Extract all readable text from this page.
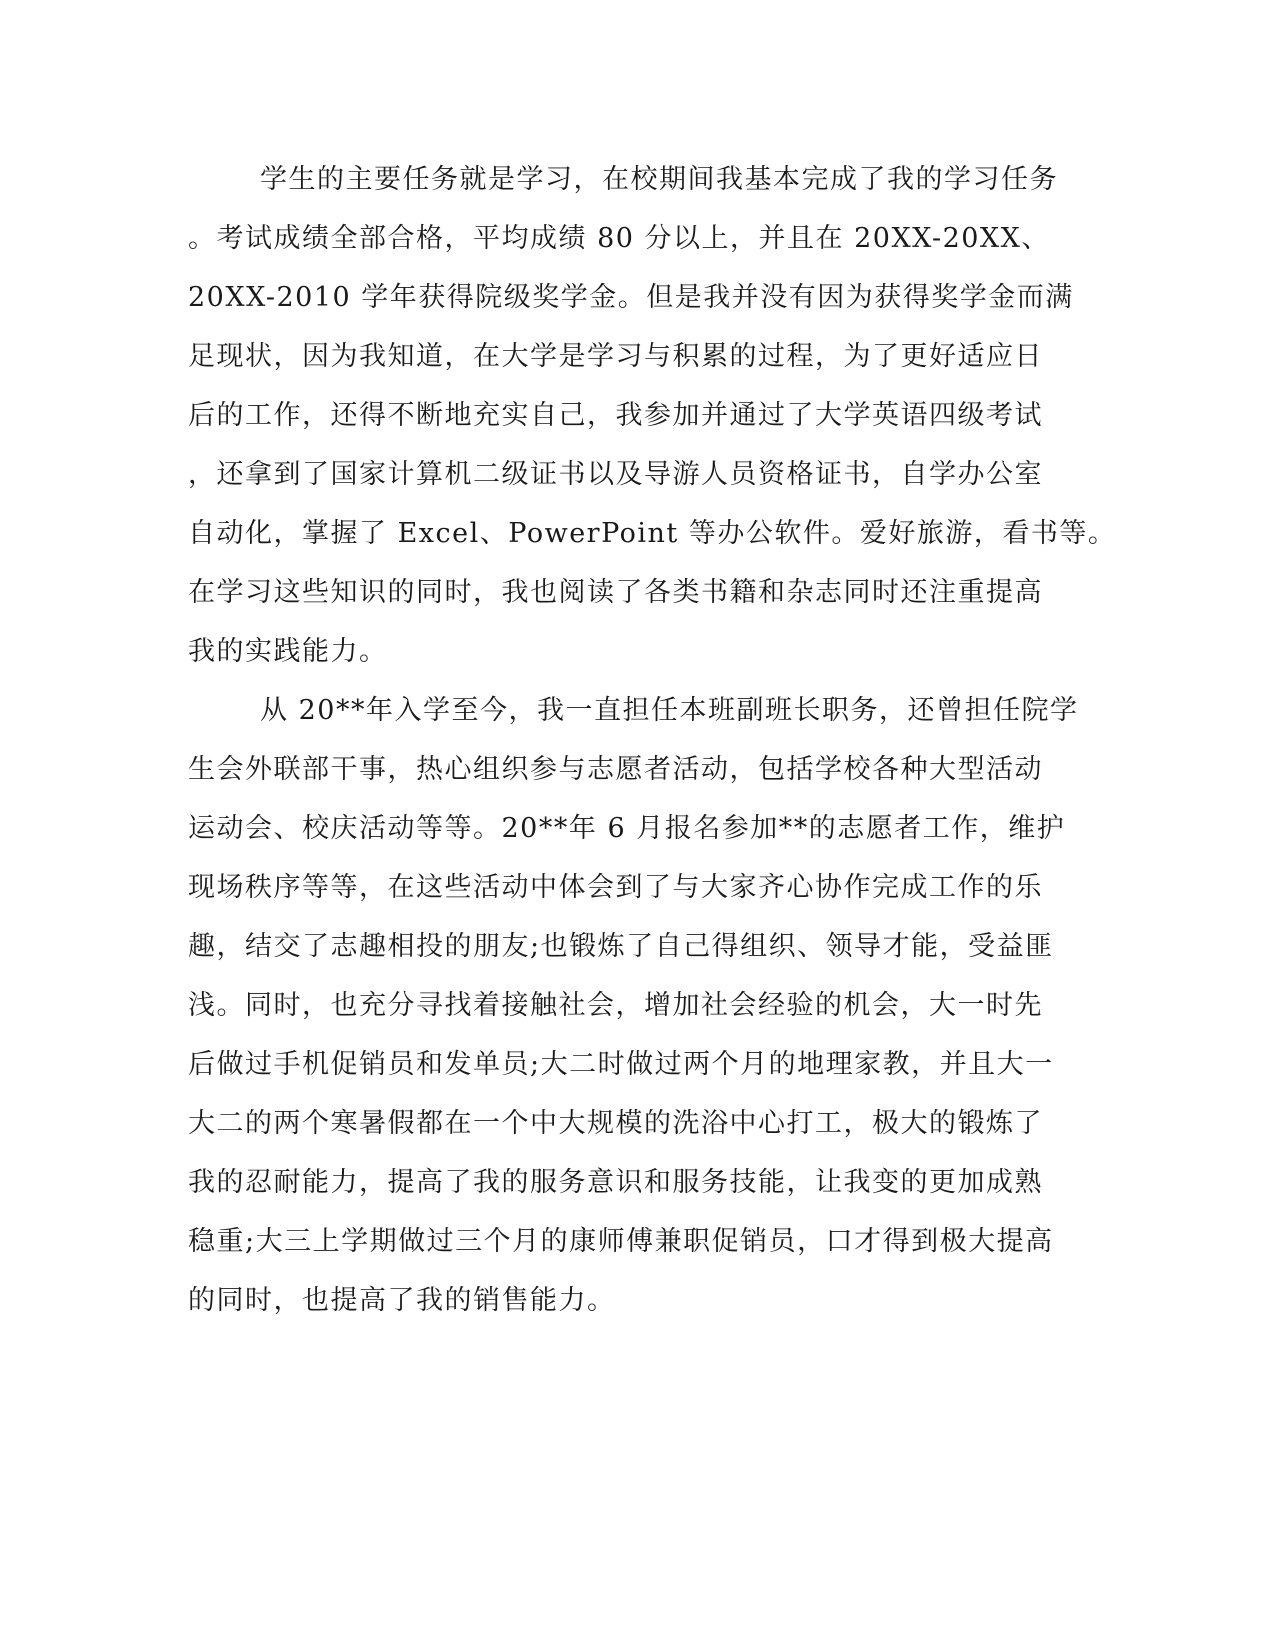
学生的主要任务就是学习，在校期间我基本完成了我的学习任务
。考试成绩全部合格，平均成绩 80 分以上，并且在 20XX-20XX、
20XX-2010 学年获得院级奖学金。但是我并没有因为获得奖学金而满
足现状，因为我知道，在大学是学习与积累的过程，为了更好适应日
后的工作，还得不断地充实自己，我参加并通过了大学英语四级考试
，还拿到了国家计算机二级证书以及导游人员资格证书，自学办公室
自动化，掌握了 Excel、PowerPoint 等办公软件。爱好旅游，看书等。
在学习这些知识的同时，我也阅读了各类书籍和杂志同时还注重提高
我的实践能力。
从 20**年入学至今，我一直担任本班副班长职务，还曾担任院学
生会外联部干事，热心组织参与志愿者活动，包括学校各种大型活动
运动会、校庆活动等等。20**年 6 月报名参加**的志愿者工作，维护
现场秩序等等，在这些活动中体会到了与大家齐心协作完成工作的乐
趣，结交了志趣相投的朋友;也锻炼了自己得组织、领导才能，受益匪
浅。同时，也充分寻找着接触社会，增加社会经验的机会，大一时先
后做过手机促销员和发单员;大二时做过两个月的地理家教，并且大一
大二的两个寒暑假都在一个中大规模的洗浴中心打工，极大的锻炼了
我的忍耐能力，提高了我的服务意识和服务技能，让我变的更加成熟
稳重;大三上学期做过三个月的康师傅兼职促销员，口才得到极大提高
的同时，也提高了我的销售能力。
